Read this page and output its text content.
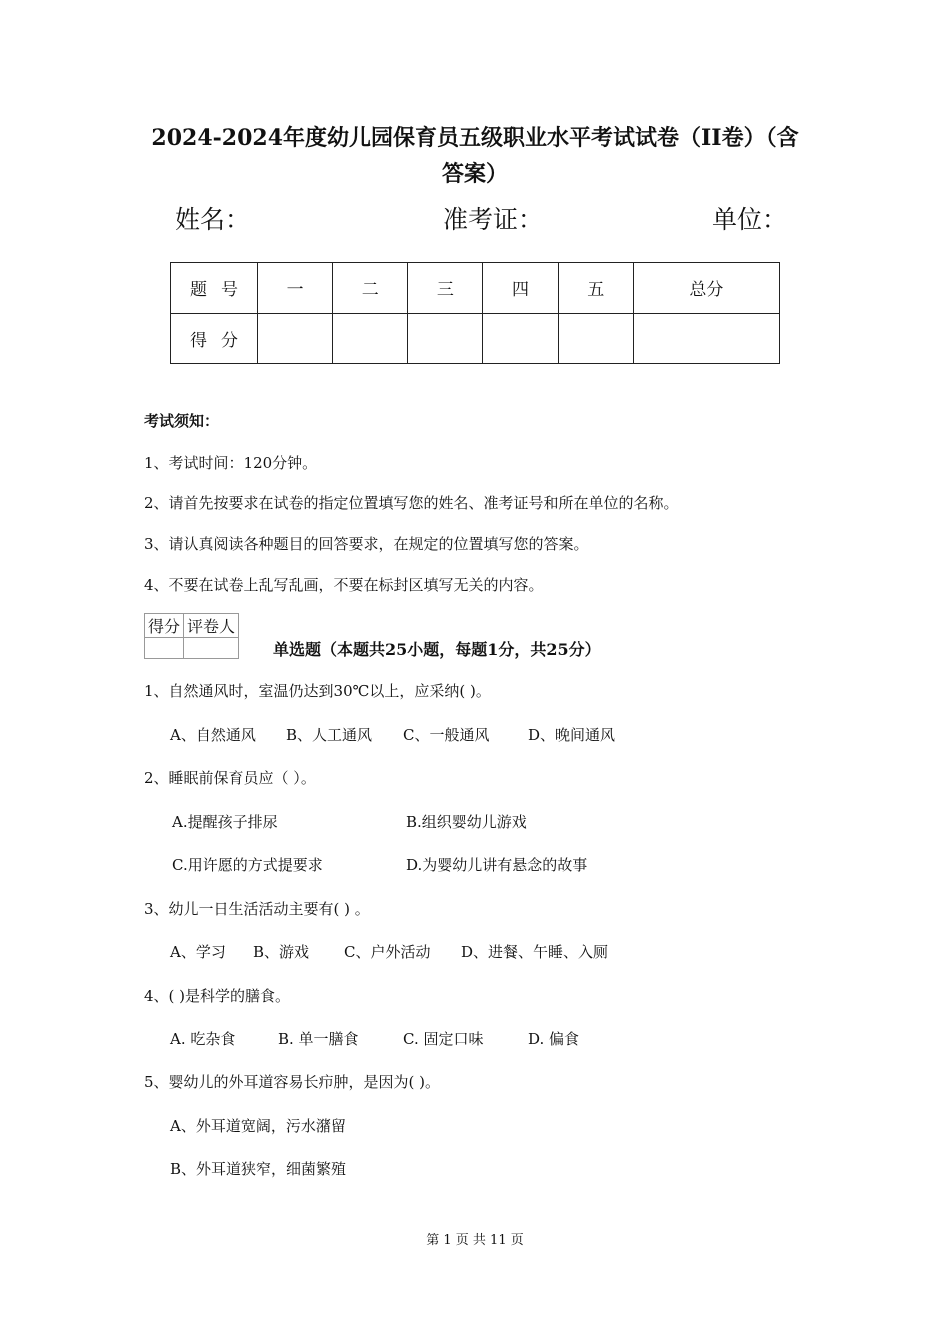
2024-2024年度幼儿园保育员五级职业水平考试试卷（II卷）（含
答案）
姓名：	准考证：	单位：
题号	一	二	三	四	五	总分
得分						
考试须知：
1、考试时间：120分钟。
2、请首先按要求在试卷的指定位置填写您的姓名、准考证号和所在单位的名称。
3、请认真阅读各种题目的回答要求，在规定的位置填写您的答案。
4、不要在试卷上乱写乱画，不要在标封区填写无关的内容。
得分	评卷人

单选题（本题共25小题，每题1分，共25分）
1、自然通风时，室温仍达到30℃以上，应采纳( )。
A、自然通风 B、人工通风 C、一般通风	D、晚间通风
2、睡眠前保育员应（ ）。
A.提醒孩子排尿	B.组织婴幼儿游戏
C.用许愿的方式提要求	D.为婴幼儿讲有悬念的故事
3、幼儿一日生活活动主要有( ) 。
A、学习 B、游戏 C、户外活动 D、进餐、午睡、入厕
4、( )是科学的膳食。
A. 吃杂食	B. 单一膳食	C. 固定口味	D. 偏食
5、婴幼儿的外耳道容易长疖肿，是因为( )。
A、外耳道宽阔，污水潴留
B、外耳道狭窄，细菌繁殖
第 1 页 共 11 页
